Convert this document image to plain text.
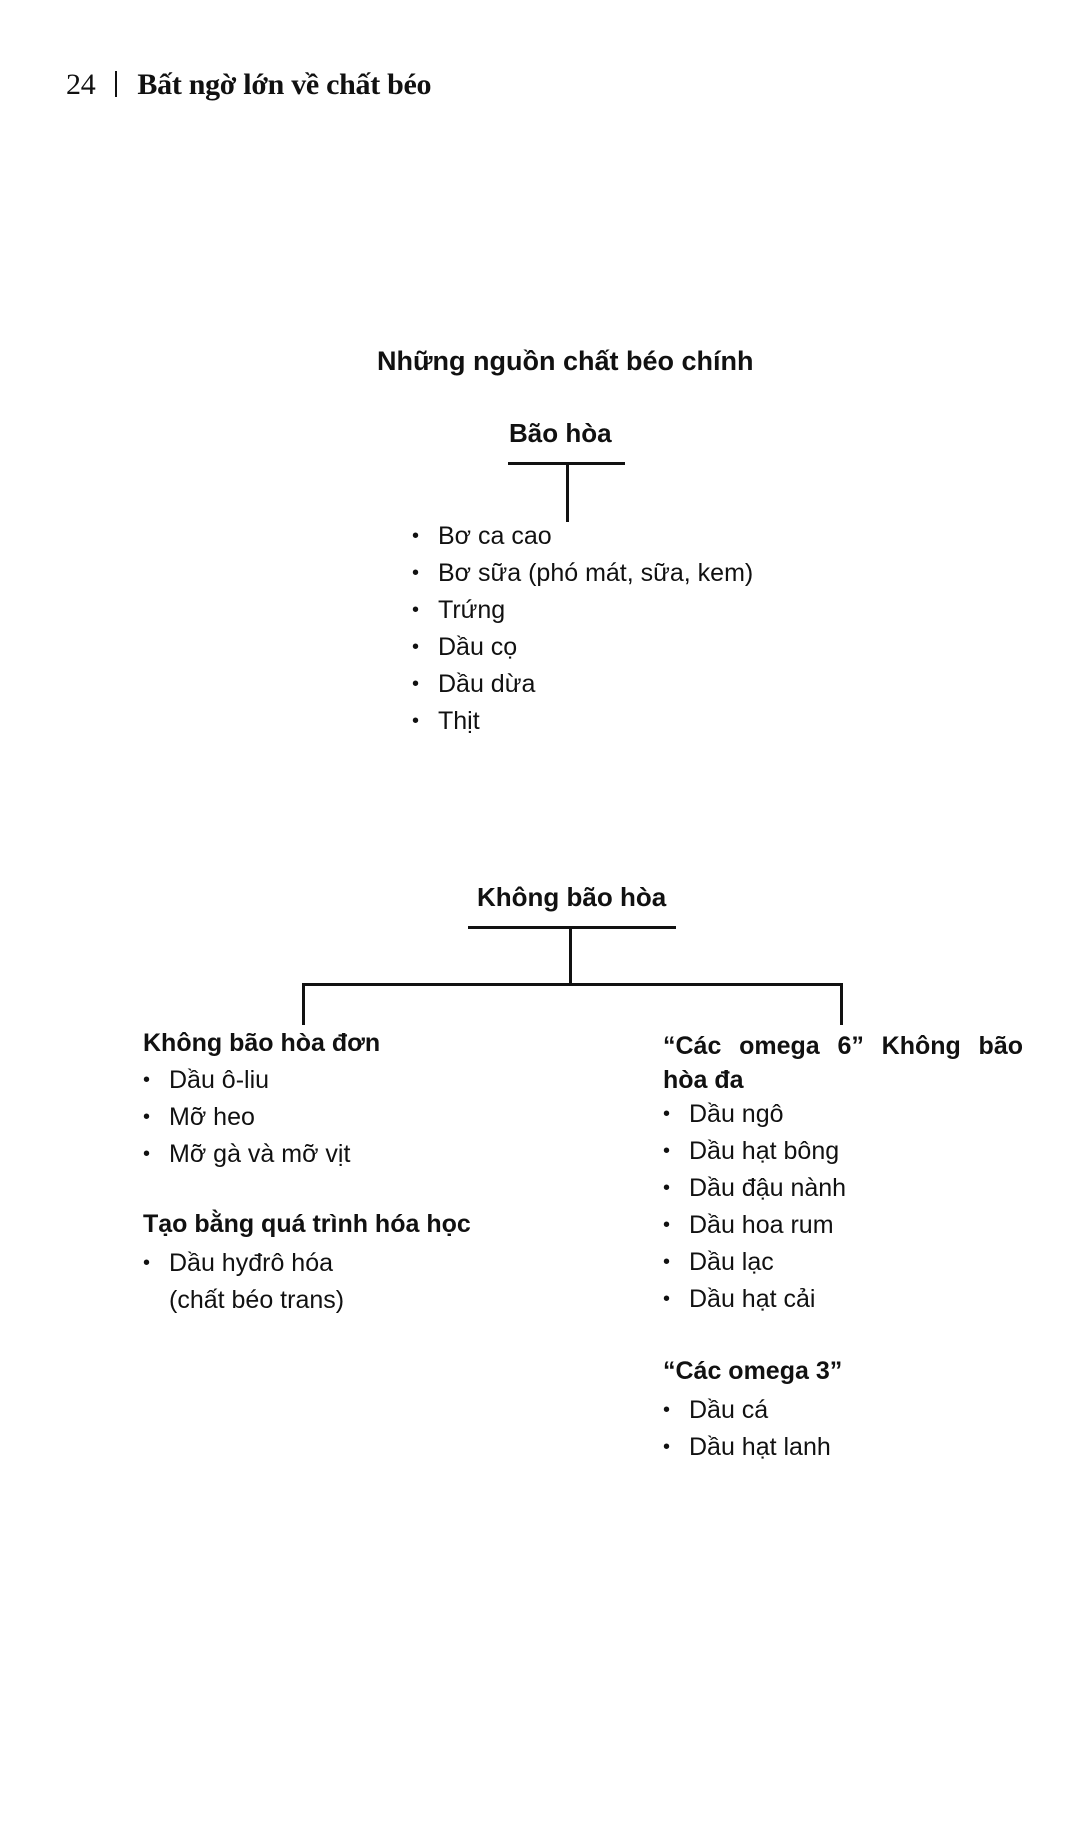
24 Bất ngờ lớn về chất béo
Những nguồn chất béo chính
Bão hòa
• Bơ ca cao
• Bơ sữa (phó mát, sữa, kem)
• Trứng
• Dầu cọ
• Dầu dừa
• Thịt
Không bão hòa
Không bão hòa đơn
• Dầu ô-liu
• Mỡ heo
• Mỡ gà và mỡ vịt
Tạo bằng quá trình hóa học
• Dầu hyđrô hóa (chất béo trans)
“Các omega 6” Không bão hòa đa
• Dầu ngô
• Dầu hạt bông
• Dầu đậu nành
• Dầu hoa rum
• Dầu lạc
• Dầu hạt cải
“Các omega 3”
• Dầu cá
• Dầu hạt lanh
